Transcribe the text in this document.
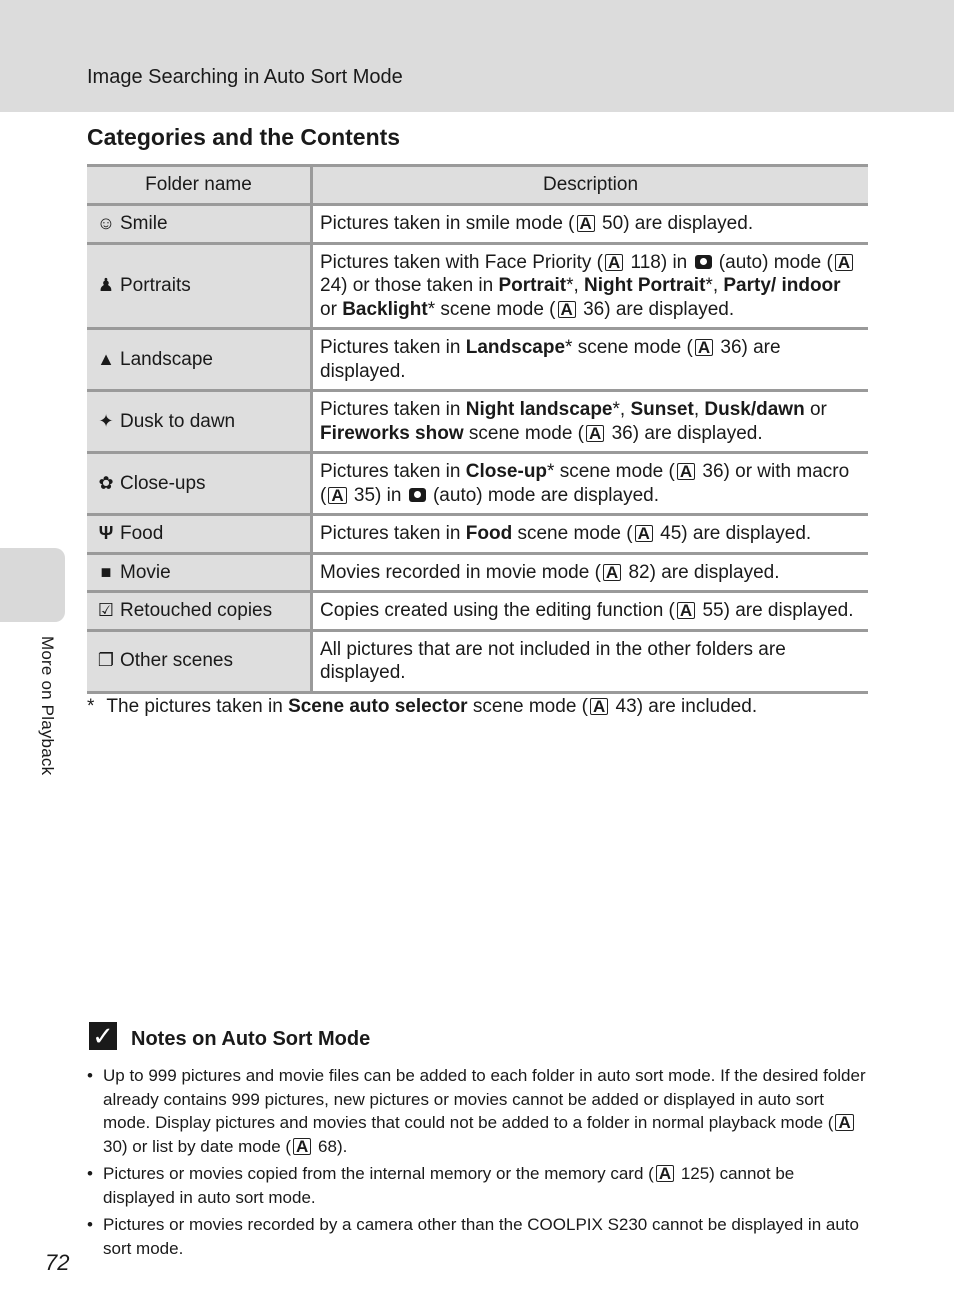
Image Searching in Auto Sort Mode
More on Playback
Categories and the Contents
Folder name	Description
☺ Smile	Pictures taken in smile mode ( A 50) are displayed.
♟ Portraits	Pictures taken with Face Priority ( A 118) in  (auto) mode ( A 24) or those taken in Portrait*, Night Portrait*, Party/ indoor or Backlight* scene mode ( A 36) are displayed.
▲ Landscape	Pictures taken in Landscape* scene mode ( A 36) are displayed.
✦ Dusk to dawn	Pictures taken in Night landscape*, Sunset, Dusk/dawn or Fireworks show scene mode ( A 36) are displayed.
✿ Close-ups	Pictures taken in Close-up* scene mode ( A 36) or with macro ( A 35) in  (auto) mode are displayed.
Ψ Food	Pictures taken in Food scene mode ( A 45) are displayed.
■ Movie	Movies recorded in movie mode ( A 82) are displayed.
☑ Retouched copies	Copies created using the editing function ( A 55) are displayed.
❐ Other scenes	All pictures that are not included in the other folders are displayed.
* The pictures taken in Scene auto selector scene mode ( A 43) are included.
✓ Notes on Auto Sort Mode
• Up to 999 pictures and movie files can be added to each folder in auto sort mode. If the desired folder already contains 999 pictures, new pictures or movies cannot be added or displayed in auto sort mode. Display pictures and movies that could not be added to a folder in normal playback mode ( A 30) or list by date mode ( A 68).
• Pictures or movies copied from the internal memory or the memory card ( A 125) cannot be displayed in auto sort mode.
• Pictures or movies recorded by a camera other than the COOLPIX S230 cannot be displayed in auto sort mode.
72
